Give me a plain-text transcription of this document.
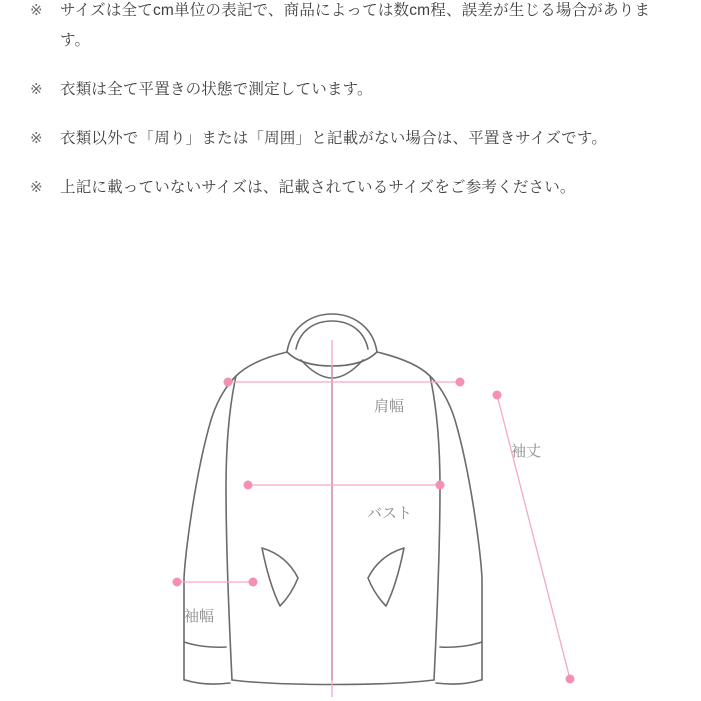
※	サイズは全てcm単位の表記で、商品によっては数cm程、誤差が生じる場合があります。
※	衣類は全て平置きの状態で測定しています。
※	衣類以外で「周り」または「周囲」と記載がない場合は、平置きサイズです。
※	上記に載っていないサイズは、記載されているサイズをご参考ください。
肩幅
バスト
袖幅
袖丈
